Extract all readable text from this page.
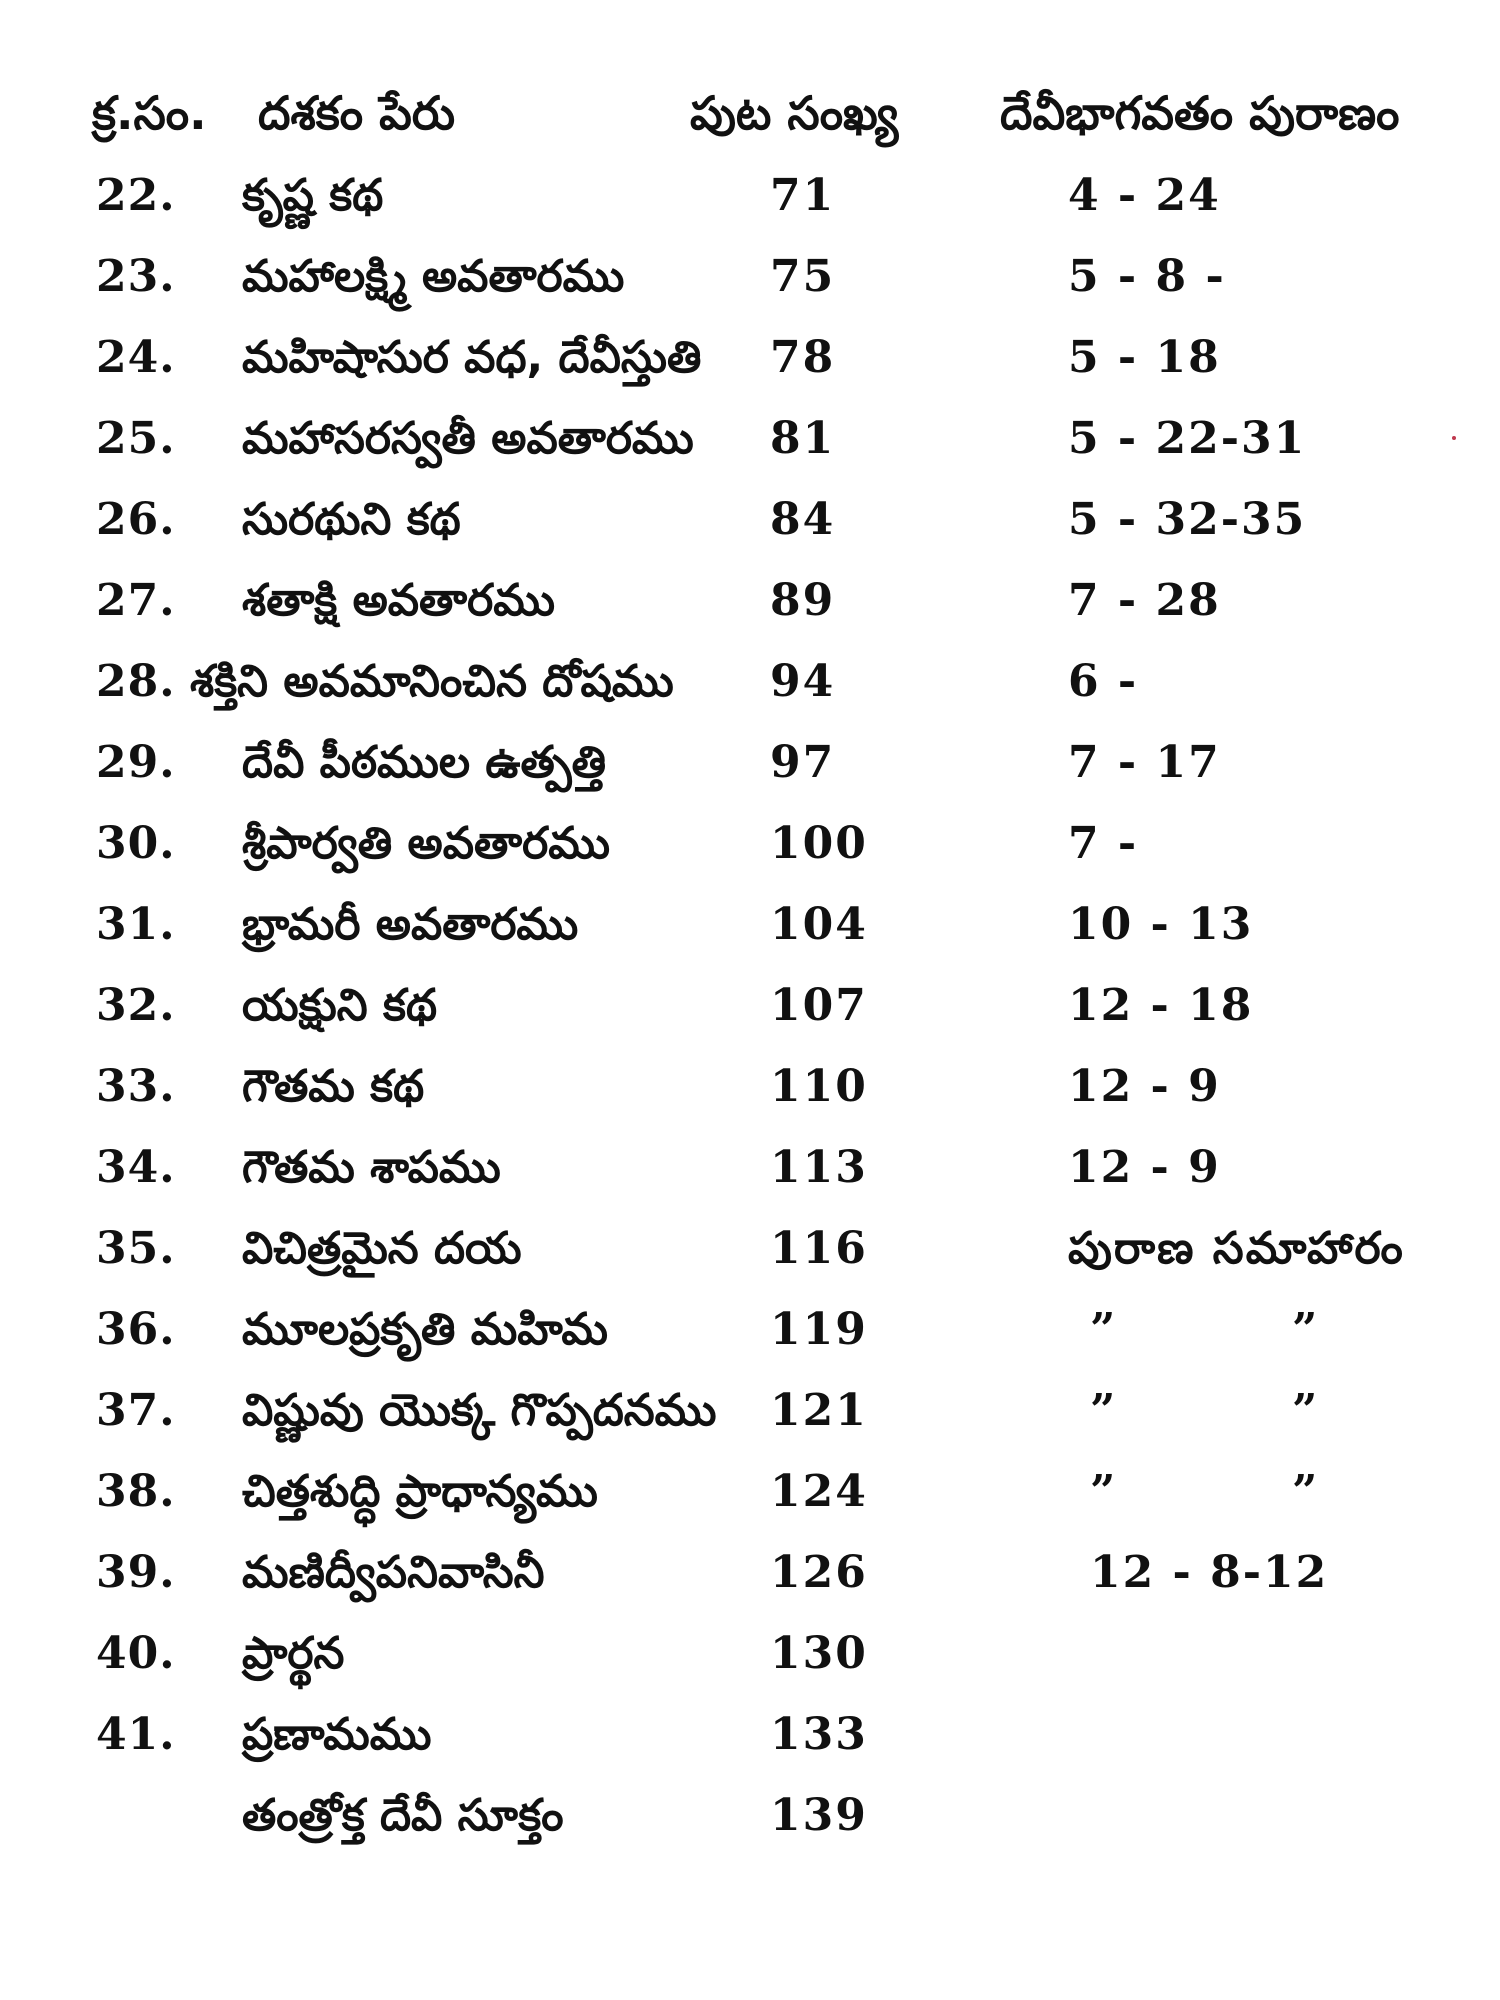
క్ర.సం. దశకం పేరు	పుట సంఖ్య దేవీభాగవతం పురాణం
22. కృష్ణ కథ	71	4 - 24
23. మహాలక్ష్మి అవతారము	75	5 - 8 -
24. మహిషాసుర వధ, దేవీస్తుతి 78	5 - 18
25. మహాసరస్వతీ అవతారము 81	5 - 22-31
26. సురథుని కథ	84	5 - 32-35
27. శతాక్షి అవతారము	89	7 - 28
28. శక్తిని అవమానించిన దోషము 94	6 -
29. దేవీ పీఠముల ఉత్పత్తి	97	7 - 17
30. శ్రీపార్వతి అవతారము	100	7 -
31. భ్రామరీ అవతారము	104	10 - 13
32. యక్షుని కథ	107	12 - 18
33. గౌతమ కథ	110	12 - 9
34. గౌతమ శాపము	113	12 - 9
35. విచిత్రమైన దయ	116	పురాణ సమాహారం
36. మూలప్రకృతి మహిమ	119	”	”
37. విష్ణువు యొక్క గొప్పదనము 121	”	”
38. చిత్తశుద్ధి ప్రాధాన్యము	124	”	”
39. మణిద్వీపనివాసినీ	126	12 - 8-12
40. ప్రార్థన	130
41. ప్రణామము	133
తంత్రోక్త దేవీ సూక్తం	139
